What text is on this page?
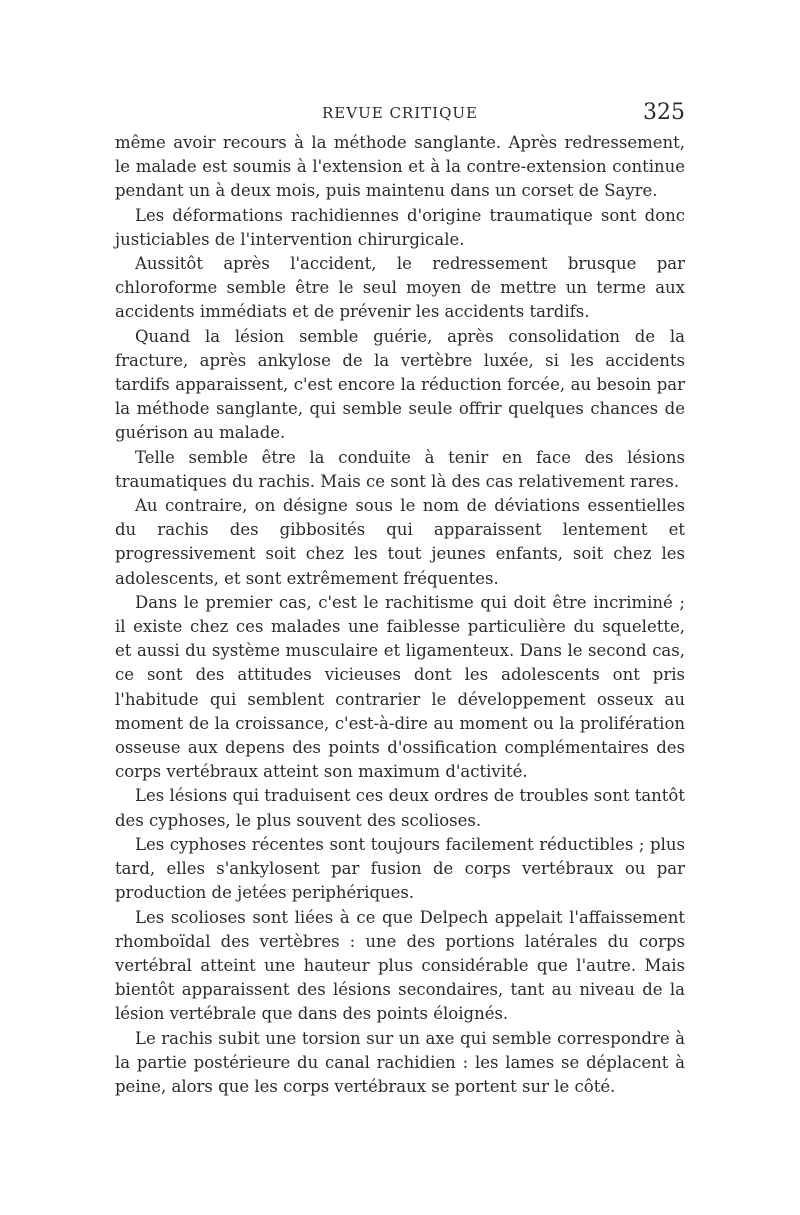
REVUE CRITIQUE	325

même avoir recours à la méthode sanglante. Après redressement, le malade est soumis à l'extension et à la contre-extension continue pendant un à deux mois, puis maintenu dans un corset de Sayre.

Les déformations rachidiennes d'origine traumatique sont donc justiciables de l'intervention chirurgicale.

Aussitôt après l'accident, le redressement brusque par chloroforme semble être le seul moyen de mettre un terme aux accidents immédiats et de prévenir les accidents tardifs.

Quand la lésion semble guérie, après consolidation de la fracture, après ankylose de la vertèbre luxée, si les accidents tardifs apparaissent, c'est encore la réduction forcée, au besoin par la méthode sanglante, qui semble seule offrir quelques chances de guérison au malade.

Telle semble être la conduite à tenir en face des lésions traumatiques du rachis. Mais ce sont là des cas relativement rares.

Au contraire, on désigne sous le nom de déviations essentielles du rachis des gibbosités qui apparaissent lentement et progressivement soit chez les tout jeunes enfants, soit chez les adolescents, et sont extrêmement fréquentes.

Dans le premier cas, c'est le rachitisme qui doit être incriminé ; il existe chez ces malades une faiblesse particulière du squelette, et aussi du système musculaire et ligamenteux. Dans le second cas, ce sont des attitudes vicieuses dont les adolescents ont pris l'habitude qui semblent contrarier le développement osseux au moment de la croissance, c'est-à-dire au moment ou la prolifération osseuse aux depens des points d'ossification complémentaires des corps vertébraux atteint son maximum d'activité.

Les lésions qui traduisent ces deux ordres de troubles sont tantôt des cyphoses, le plus souvent des scolioses.

Les cyphoses récentes sont toujours facilement réductibles ; plus tard, elles s'ankylosent par fusion de corps vertébraux ou par production de jetées periphériques.

Les scolioses sont liées à ce que Delpech appelait l'affaissement rhomboïdal des vertèbres : une des portions latérales du corps vertébral atteint une hauteur plus considérable que l'autre. Mais bientôt apparaissent des lésions secondaires, tant au niveau de la lésion vertébrale que dans des points éloignés.

Le rachis subit une torsion sur un axe qui semble correspondre à la partie postérieure du canal rachidien : les lames se déplacent à peine, alors que les corps vertébraux se portent sur le côté.
